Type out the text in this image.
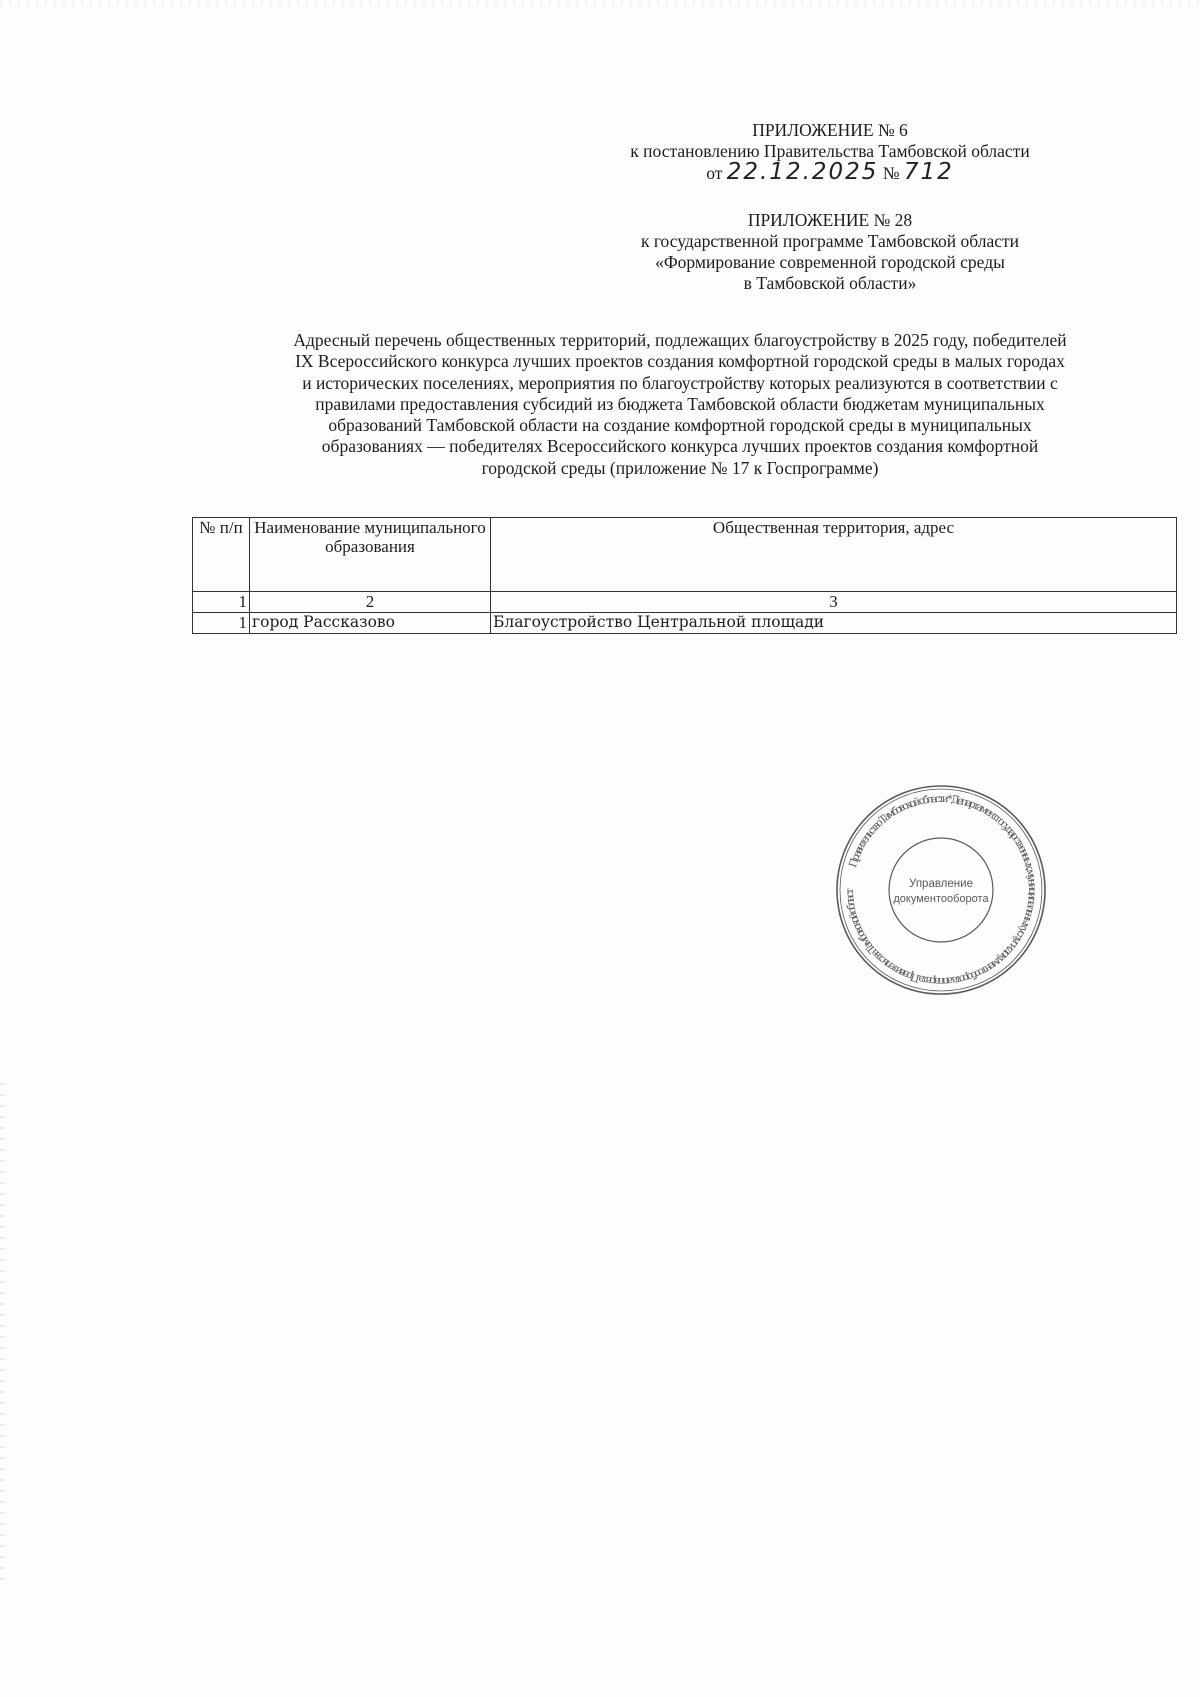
ПРИЛОЖЕНИЕ № 6
к постановлению Правительства Тамбовской области
от 22.12.2025 № 712
ПРИЛОЖЕНИЕ № 28
к государственной программе Тамбовской области
«Формирование современной городской среды
в Тамбовской области»
Адресный перечень общественных территорий, подлежащих благоустройству в 2025 году, победителей
IX Всероссийского конкурса лучших проектов создания комфортной городской среды в малых городах
и исторических поселениях, мероприятия по благоустройству которых реализуются в соответствии с
правилами предоставления субсидий из бюджета Тамбовской области бюджетам муниципальных
образований Тамбовской области на создание комфортной городской среды в муниципальных
образованиях — победителях Всероссийского конкурса лучших проектов создания комфортной
городской среды (приложение № 17 к Госпрограмме)
№ п/п	Наименование муниципального образования	Общественная территория, адрес
1	2	3
1	город Рассказово	Благоустройство Центральной площади
Правительство Тамбовской области * Департамент государственных, муниципальных услуг и документооборота аппарата Правительства Тамбовской област
Управление
документооборота
